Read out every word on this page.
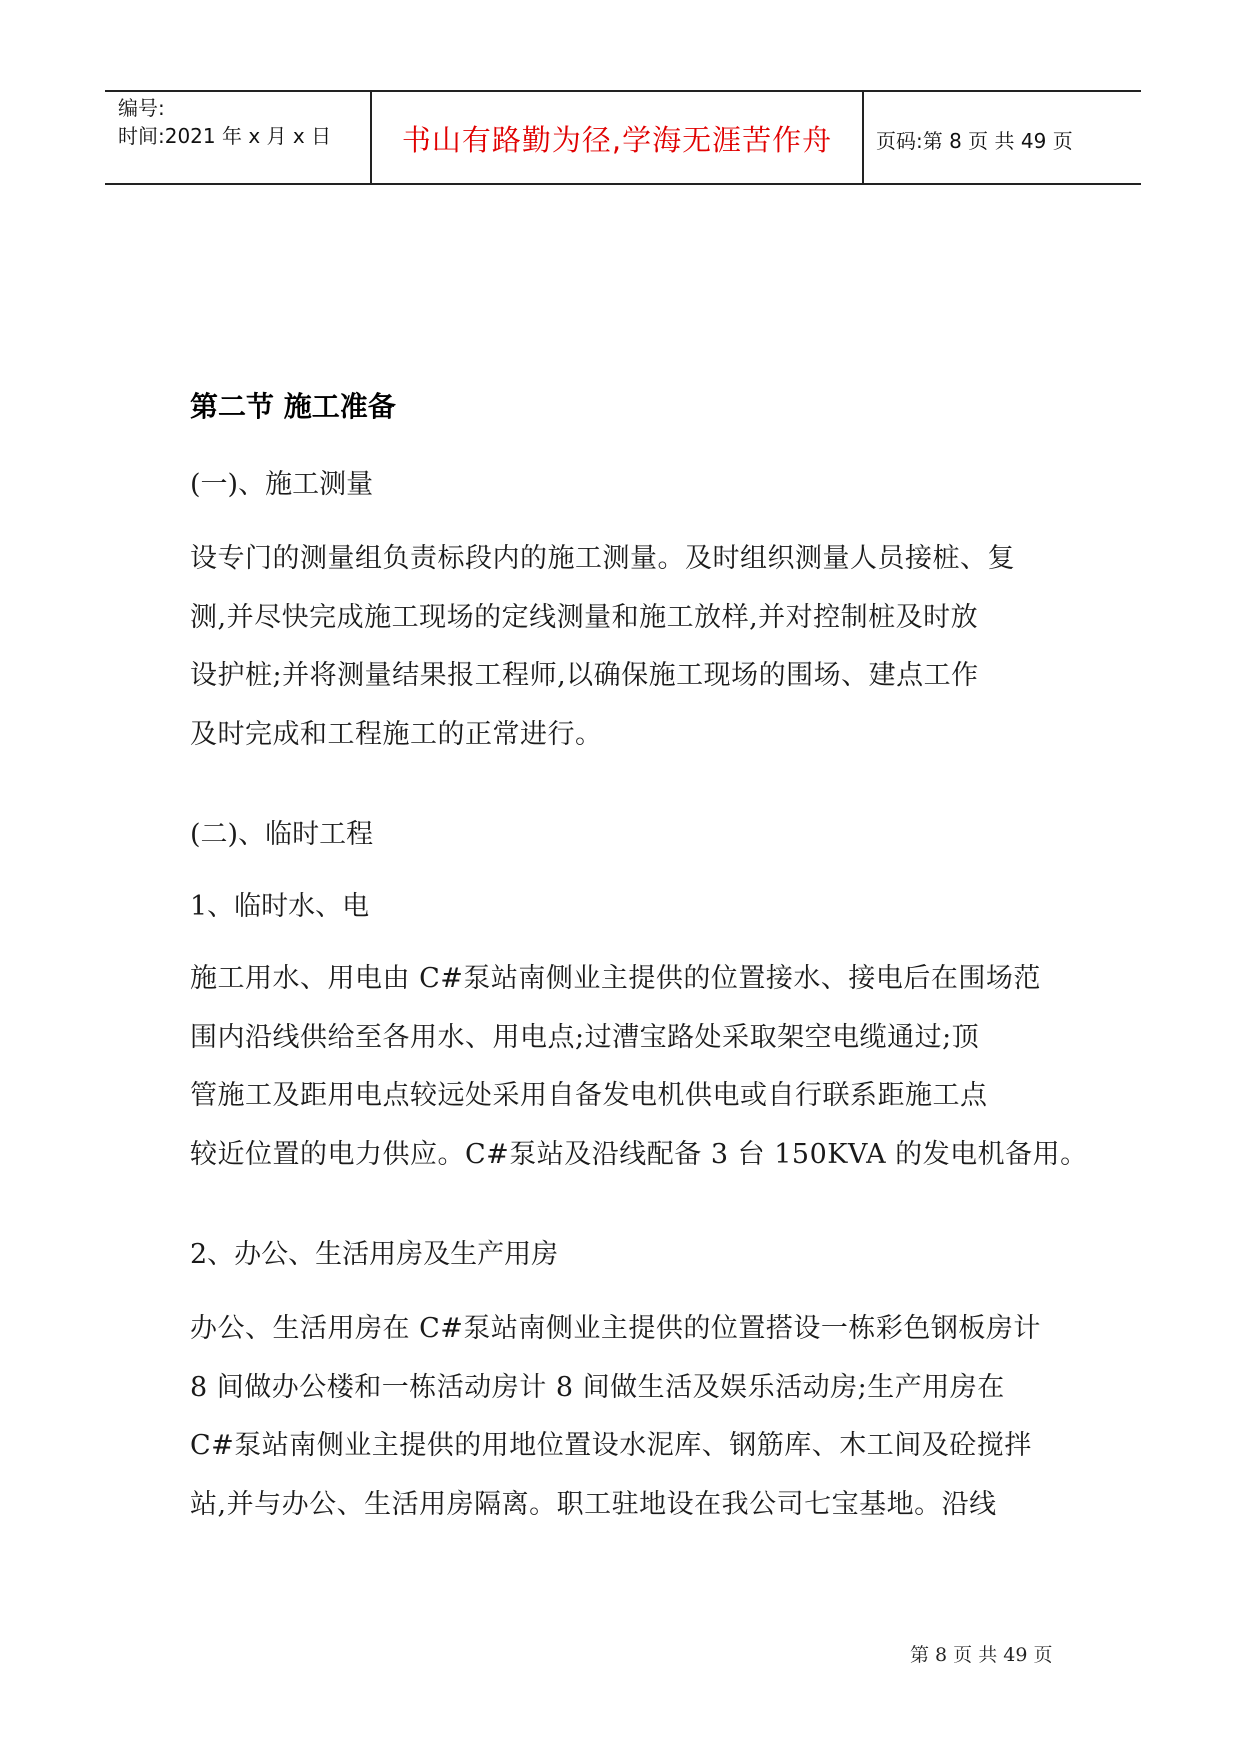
编号:
时间:2021 年 x 月 x 日	书山有路勤为径,学海无涯苦作舟	页码:第 8 页 共 49 页
第二节 施工准备
(一)、施工测量
设专门的测量组负责标段内的施工测量。及时组织测量人员接桩、复
测,并尽快完成施工现场的定线测量和施工放样,并对控制桩及时放
设护桩;并将测量结果报工程师,以确保施工现场的围场、建点工作
及时完成和工程施工的正常进行。
(二)、临时工程
1、临时水、电
施工用水、用电由 C#泵站南侧业主提供的位置接水、接电后在围场范
围内沿线供给至各用水、用电点;过漕宝路处采取架空电缆通过;顶
管施工及距用电点较远处采用自备发电机供电或自行联系距施工点
较近位置的电力供应。C#泵站及沿线配备 3 台 150KVA 的发电机备用。
2、办公、生活用房及生产用房
办公、生活用房在 C#泵站南侧业主提供的位置搭设一栋彩色钢板房计
8 间做办公楼和一栋活动房计 8 间做生活及娱乐活动房;生产用房在
C#泵站南侧业主提供的用地位置设水泥库、钢筋库、木工间及砼搅拌
站,并与办公、生活用房隔离。职工驻地设在我公司七宝基地。沿线
第 8 页 共 49 页
